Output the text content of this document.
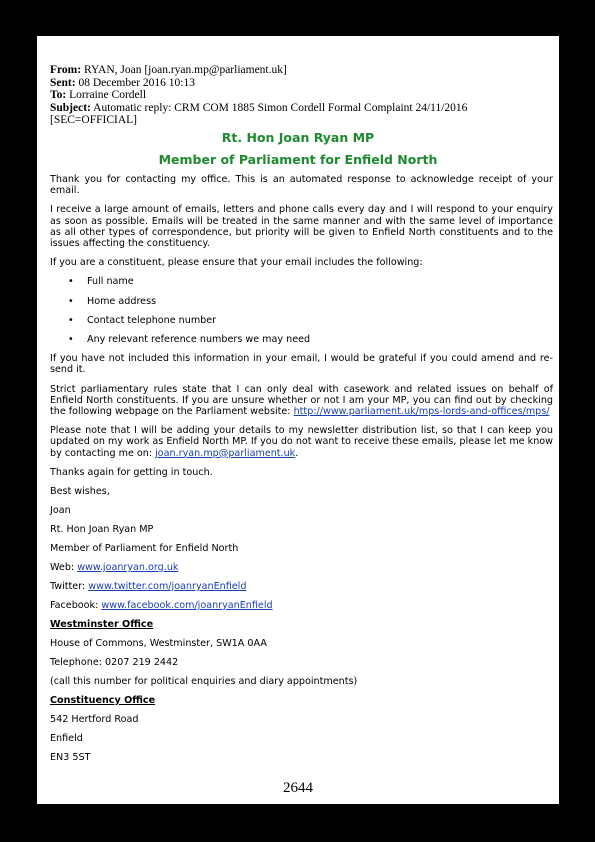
From: RYAN, Joan [joan.ryan.mp@parliament.uk]
Sent: 08 December 2016 10:13
To: Lorraine Cordell
Subject: Automatic reply: CRM COM 1885 Simon Cordell Formal Complaint 24/11/2016
[SEC=OFFICIAL]
Rt. Hon Joan Ryan MP
Member of Parliament for Enfield North

Thank you for contacting my office. This is an automated response to acknowledge receipt of your email.

I receive a large amount of emails, letters and phone calls every day and I will respond to your enquiry as soon as possible. Emails will be treated in the same manner and with the same level of importance as all other types of correspondence, but priority will be given to Enfield North constituents and to the issues affecting the constituency.

If you are a constituent, please ensure that your email includes the following:

• Full name
• Home address
• Contact telephone number
• Any relevant reference numbers we may need

If you have not included this information in your email, I would be grateful if you could amend and re-send it.

Strict parliamentary rules state that I can only deal with casework and related issues on behalf of Enfield North constituents. If you are unsure whether or not I am your MP, you can find out by checking the following webpage on the Parliament website: http://www.parliament.uk/mps-lords-and-offices/mps/

Please note that I will be adding your details to my newsletter distribution list, so that I can keep you updated on my work as Enfield North MP. If you do not want to receive these emails, please let me know by contacting me on: joan.ryan.mp@parliament.uk.

Thanks again for getting in touch.
Best wishes,
Joan
Rt. Hon Joan Ryan MP
Member of Parliament for Enfield North
Web: www.joanryan.org.uk
Twitter: www.twitter.com/joanryanEnfield
Facebook: www.facebook.com/joanryanEnfield
Westminster Office
House of Commons, Westminster, SW1A 0AA
Telephone: 0207 219 2442
(call this number for political enquiries and diary appointments)
Constituency Office
542 Hertford Road
Enfield
EN3 5ST
2644
